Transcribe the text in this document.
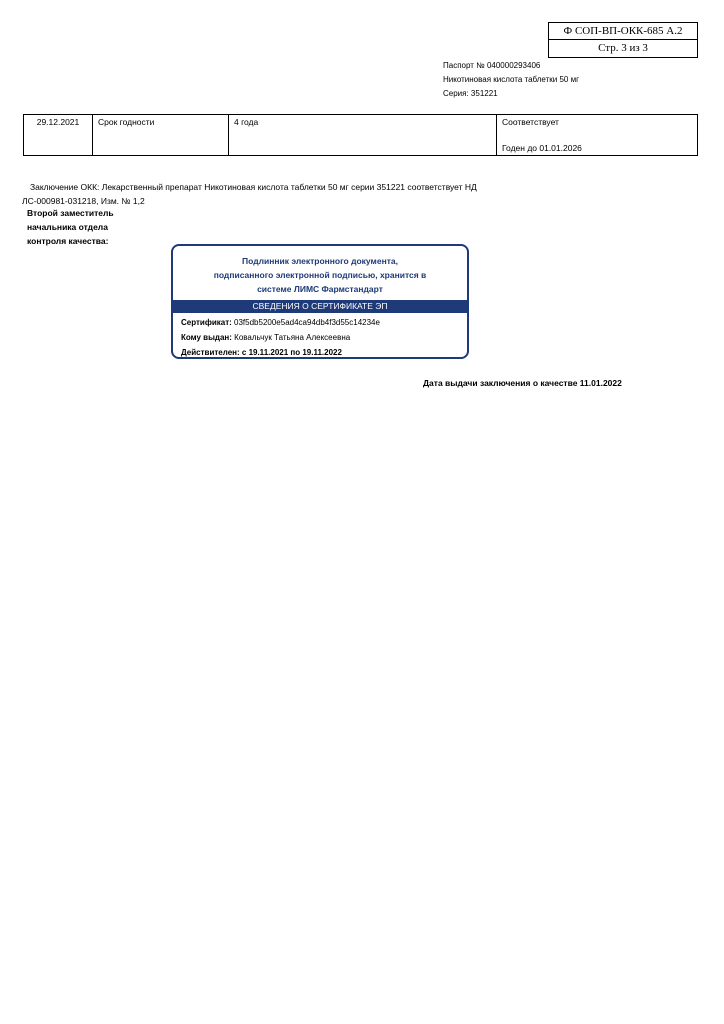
Ф СОП-ВП-ОКК-685 А.2
Стр. 3 из 3
Паспорт № 040000293406
Никотиновая кислота таблетки 50 мг
Серия: 351221
29.12.2021	Срок годности	4 года	Соответствует
Годен до 01.01.2026
Заключение ОКК: Лекарственный препарат Никотиновая кислота таблетки 50 мг серии 351221 соответствует НД
ЛС-000981-031218, Изм. № 1,2
Второй заместитель
начальника отдела
контроля качества:
Подлинник электронного документа,
подписанного электронной подписью, хранится в
системе ЛИМС Фармстандарт
СВЕДЕНИЯ О СЕРТИФИКАТЕ ЭП
Сертификат: 03f5db5200e5ad4ca94db4f3d55c14234e
Кому выдан: Ковальчук Татьяна Алексеевна
Действителен: с 19.11.2021 по 19.11.2022
Дата выдачи заключения о качестве 11.01.2022
